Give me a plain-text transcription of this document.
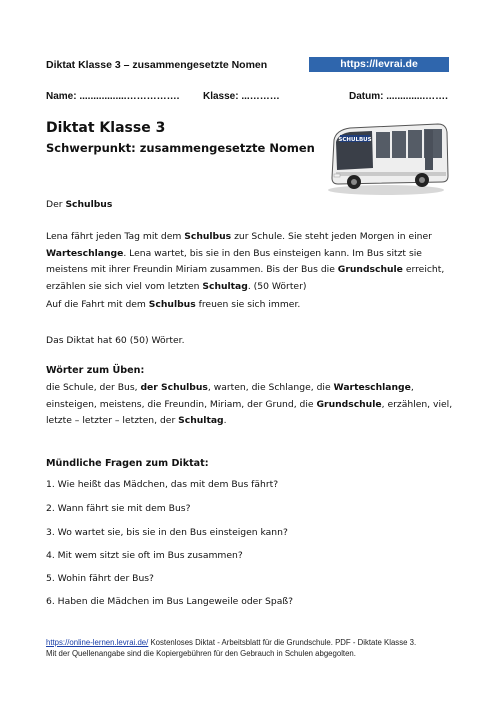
Diktat Klasse 3 – zusammengesetzte Nomen	https://levrai.de
Name: .................……………. Klasse: ...………	Datum: ..............…….
Diktat Klasse 3
Schwerpunkt: zusammengesetzte Nomen
SCHULBUS
Der Schulbus
Lena fährt jeden Tag mit dem Schulbus zur Schule. Sie steht jeden Morgen in einer Warteschlange. Lena wartet, bis sie in den Bus einsteigen kann. Im Bus sitzt sie meistens mit ihrer Freundin Miriam zusammen. Bis der Bus die Grundschule erreicht, erzählen sie sich viel vom letzten Schultag. (50 Wörter)
Auf die Fahrt mit dem Schulbus freuen sie sich immer.
Das Diktat hat 60 (50) Wörter.
Wörter zum Üben:
die Schule, der Bus, der Schulbus, warten, die Schlange, die Warteschlange, einsteigen, meistens, die Freundin, Miriam, der Grund, die Grundschule, erzählen, viel, letzte – letzter – letzten, der Schultag.
Mündliche Fragen zum Diktat:
1. Wie heißt das Mädchen, das mit dem Bus fährt?
2. Wann fährt sie mit dem Bus?
3. Wo wartet sie, bis sie in den Bus einsteigen kann?
4. Mit wem sitzt sie oft im Bus zusammen?
5. Wohin fährt der Bus?
6. Haben die Mädchen im Bus Langeweile oder Spaß?
https://online-lernen.levrai.de/ Kostenloses Diktat - Arbeitsblatt für die Grundschule. PDF - Diktate Klasse 3.
Mit der Quellenangabe sind die Kopiergebühren für den Gebrauch in Schulen abgegolten.
